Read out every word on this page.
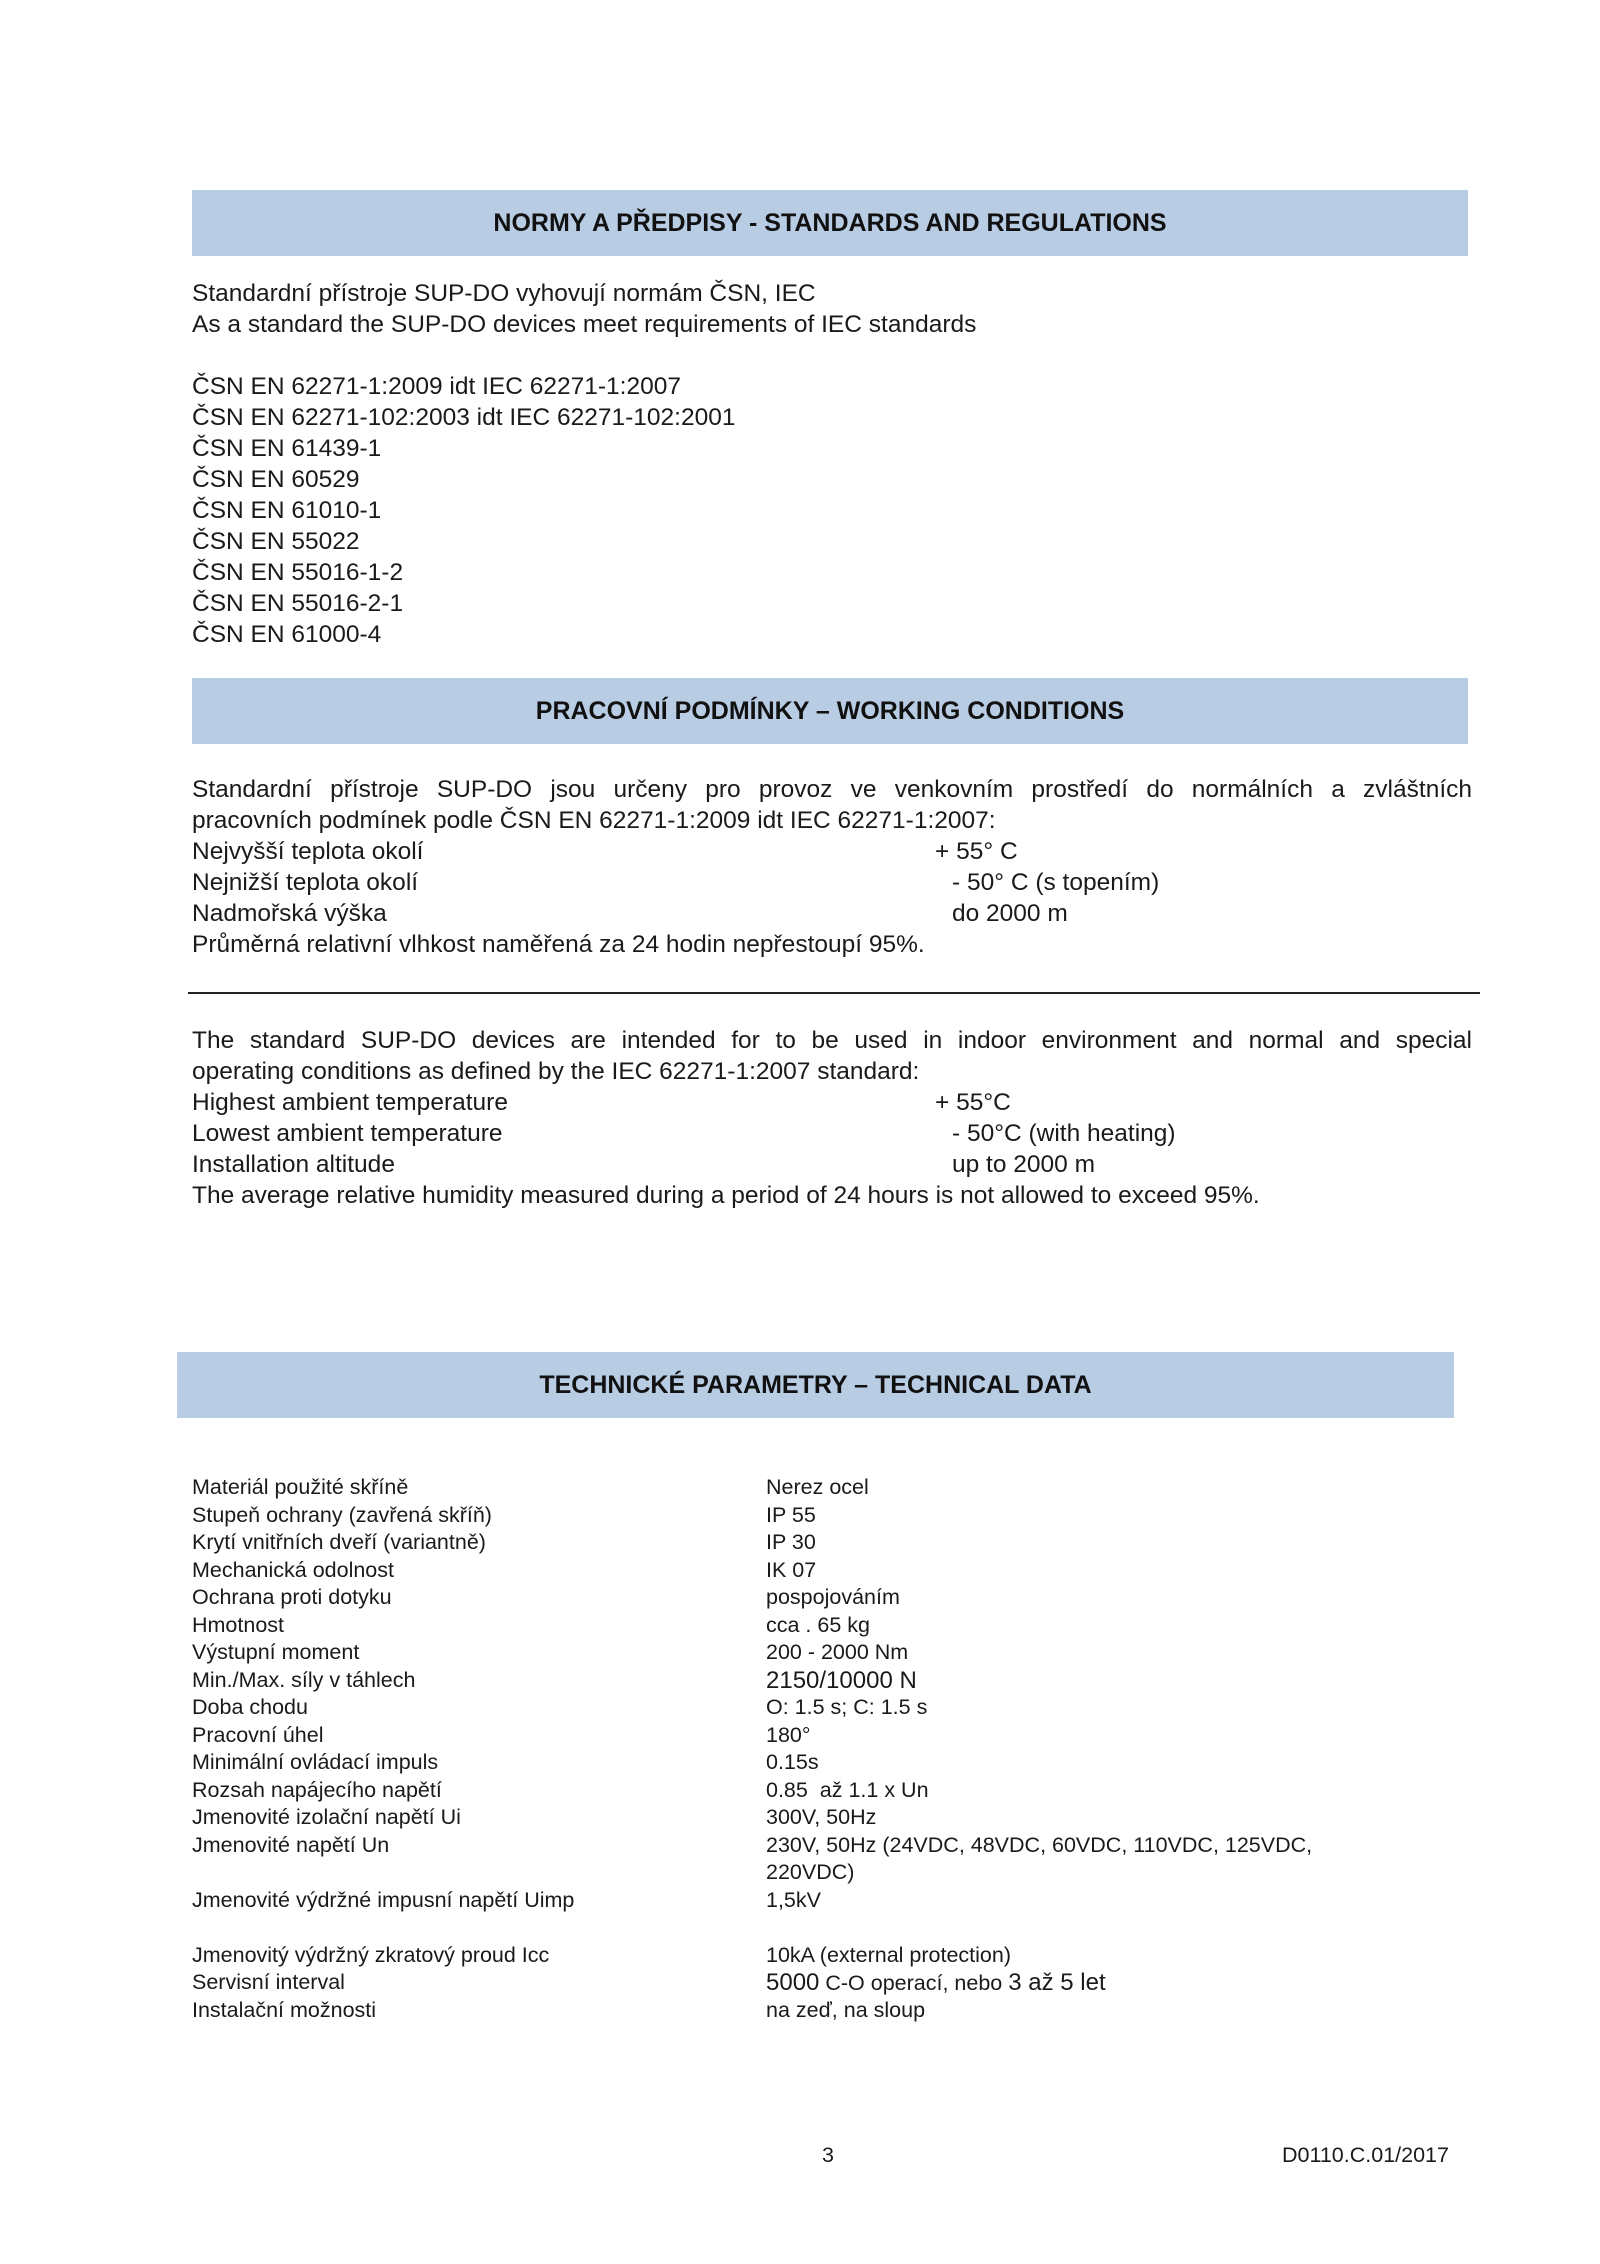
NORMY A PŘEDPISY - STANDARDS AND REGULATIONS
Standardní přístroje SUP-DO vyhovují normám ČSN, IEC
As a standard the SUP-DO devices meet requirements of IEC standards
ČSN EN 62271-1:2009 idt IEC 62271-1:2007
ČSN EN 62271-102:2003 idt IEC 62271-102:2001
ČSN EN 61439-1
ČSN EN 60529
ČSN EN 61010-1
ČSN EN 55022
ČSN EN 55016-1-2
ČSN EN 55016-2-1
ČSN EN 61000-4
PRACOVNÍ PODMÍNKY – WORKING CONDITIONS
Standardní přístroje SUP-DO jsou určeny pro provoz ve venkovním prostředí do normálních a zvláštních
pracovních podmínek podle ČSN EN 62271-1:2009 idt IEC 62271-1:2007:
Nejvyšší teplota okolí	+ 55° C
Nejnižší teplota okolí	- 50° C (s topením)
Nadmořská výška	do 2000 m
Průměrná relativní vlhkost naměřená za 24 hodin nepřestoupí 95%.
The standard SUP-DO devices are intended for to be used in indoor environment and normal and special
operating conditions as defined by the IEC 62271-1:2007 standard:
Highest ambient temperature	+ 55°C
Lowest ambient temperature	- 50°C (with heating)
Installation altitude	up to 2000 m
The average relative humidity measured during a period of 24 hours is not allowed to exceed 95%.
TECHNICKÉ PARAMETRY – TECHNICAL DATA
Materiál použité skříně	Nerez ocel
Stupeň ochrany (zavřená skříň)	IP 55
Krytí vnitřních dveří (variantně)	IP 30
Mechanická odolnost	IK 07
Ochrana proti dotyku	pospojováním
Hmotnost	cca . 65 kg
Výstupní moment	200 - 2000 Nm
Min./Max. síly v táhlech	2150/10000 N
Doba chodu	O: 1.5 s; C: 1.5 s
Pracovní úhel	180°
Minimální ovládací impuls	0.15s
Rozsah napájecího napětí	0.85  až 1.1 x Un
Jmenovité izolační napětí Ui	300V, 50Hz
Jmenovité napětí Un	230V, 50Hz (24VDC, 48VDC, 60VDC, 110VDC, 125VDC,
220VDC)
Jmenovité výdržné impusní napětí Uimp	1,5kV
Jmenovitý výdržný zkratový proud Icc	10kA (external protection)
Servisní interval	5000 C-O operací, nebo 3 až 5 let
Instalační možnosti	na zeď, na sloup
3	D0110.C.01/2017
